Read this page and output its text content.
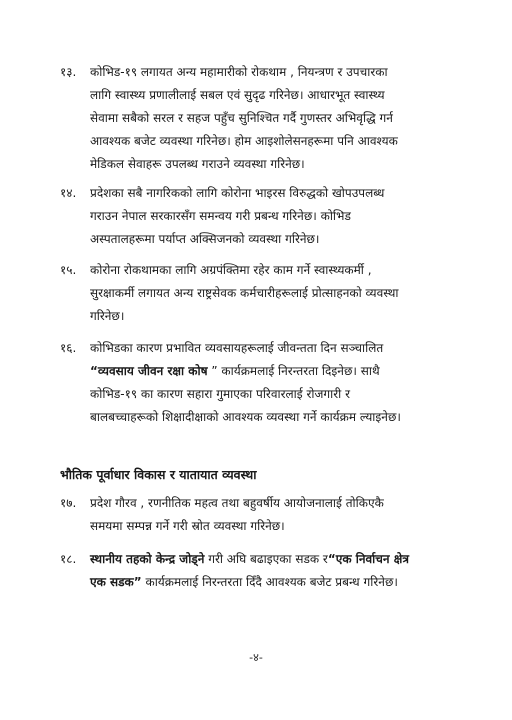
१३.	कोभिड-१९ लगायत अन्य महामारीको रोकथाम , नियन्त्रण र उपचारका
लागि स्वास्थ्य प्रणालीलाई सबल एवं सुदृढ गरिनेछ। आधारभूत स्वास्थ्य
सेवामा सबैको सरल र सहज पहुँच सुनिश्चित गर्दै गुणस्तर अभिवृद्धि गर्न
आवश्यक बजेट व्यवस्था गरिनेछ। होम आइशोलेसनहरूमा पनि आवश्यक
मेडिकल सेवाहरू उपलब्ध गराउने व्यवस्था गरिनेछ।
१४.	प्रदेशका सबै नागरिकको लागि कोरोना भाइरस विरुद्धको खोपउपलब्ध
गराउन नेपाल सरकारसँग समन्वय गरी प्रबन्ध गरिनेछ। कोभिड
अस्पतालहरूमा पर्याप्त अक्सिजनको व्यवस्था गरिनेछ।
१५.	कोरोना रोकथामका लागि अग्रपंक्तिमा रहेर काम गर्ने स्वास्थ्यकर्मी ,
सुरक्षाकर्मी लगायत अन्य राष्ट्रसेवक कर्मचारीहरूलाई प्रोत्साहनको व्यवस्था
गरिनेछ।
१६.	कोभिडका कारण प्रभावित व्यवसायहरूलाई जीवन्तता दिन सञ्चालित
“व्यवसाय जीवन रक्षा कोष ” कार्यक्रमलाई निरन्तरता दिइनेछ। साथै
कोभिड-१९ का कारण सहारा गुमाएका परिवारलाई रोजगारी र
बालबच्चाहरूको शिक्षादीक्षाको आवश्यक व्यवस्था गर्ने कार्यक्रम ल्याइनेछ।
भौतिक पूर्वाधार विकास र यातायात व्यवस्था
१७.	प्रदेश गौरव , रणनीतिक महत्व तथा बहुवर्षीय आयोजनालाई तोकिएकै
समयमा सम्पन्न गर्ने गरी स्रोत व्यवस्था गरिनेछ।
१८.	स्थानीय तहको केन्द्र जोड्ने गरी अघि बढाइएका सडक र“एक निर्वाचन क्षेत्र
एक सडक” कार्यक्रमलाई निरन्तरता दिँदै आवश्यक बजेट प्रबन्ध गरिनेछ।
-४-
